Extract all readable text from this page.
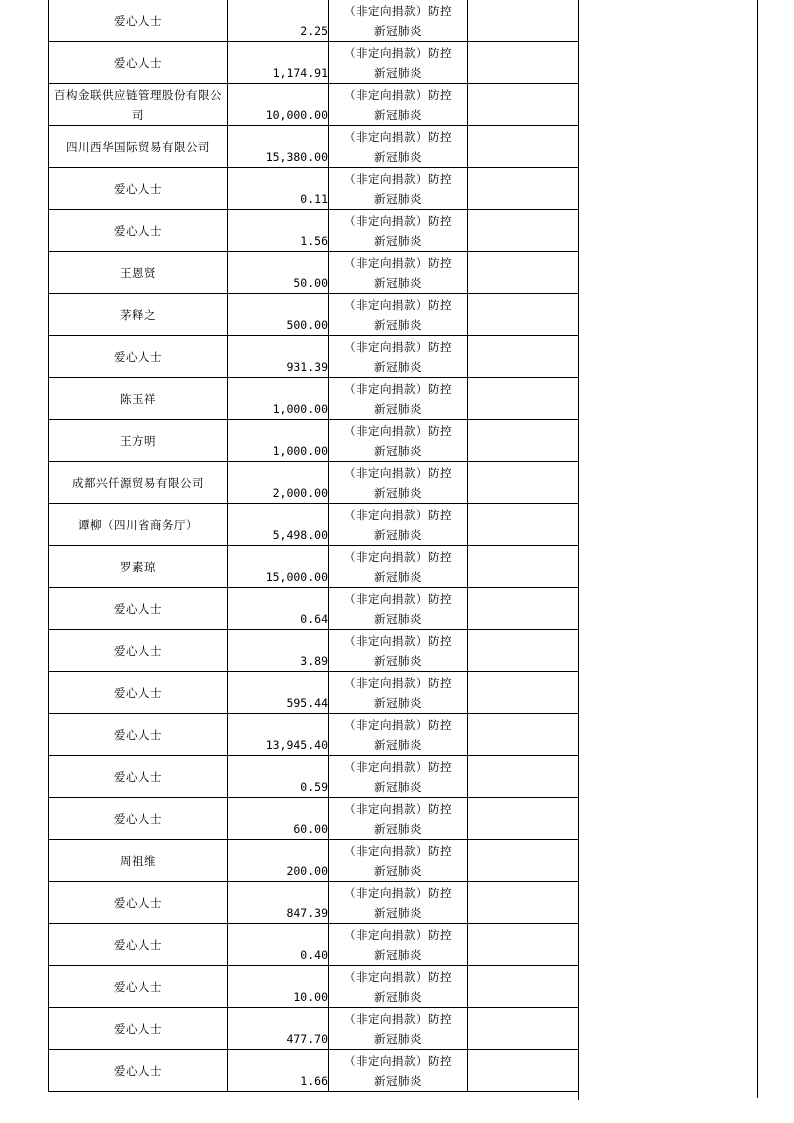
爱心人士	2.25	（非定向捐款）防控
新冠肺炎	

爱心人士	1,174.91	（非定向捐款）防控
新冠肺炎	

百构金联供应链管理股份有限公司	10,000.00	（非定向捐款）防控
新冠肺炎	

四川西华国际贸易有限公司	15,380.00	（非定向捐款）防控
新冠肺炎	

爱心人士	0.11	（非定向捐款）防控
新冠肺炎	

爱心人士	1.56	（非定向捐款）防控
新冠肺炎	

王恩贤	50.00	（非定向捐款）防控
新冠肺炎	

茅释之	500.00	（非定向捐款）防控
新冠肺炎	

爱心人士	931.39	（非定向捐款）防控
新冠肺炎	

陈玉祥	1,000.00	（非定向捐款）防控
新冠肺炎	

王方明	1,000.00	（非定向捐款）防控
新冠肺炎	

成都兴仟源贸易有限公司	2,000.00	（非定向捐款）防控
新冠肺炎	

谭柳（四川省商务厅）	5,498.00	（非定向捐款）防控
新冠肺炎	

罗素琼	15,000.00	（非定向捐款）防控
新冠肺炎	

爱心人士	0.64	（非定向捐款）防控
新冠肺炎	

爱心人士	3.89	（非定向捐款）防控
新冠肺炎	

爱心人士	595.44	（非定向捐款）防控
新冠肺炎	

爱心人士	13,945.40	（非定向捐款）防控
新冠肺炎	

爱心人士	0.59	（非定向捐款）防控
新冠肺炎	

爱心人士	60.00	（非定向捐款）防控
新冠肺炎	

周祖维	200.00	（非定向捐款）防控
新冠肺炎	

爱心人士	847.39	（非定向捐款）防控
新冠肺炎	

爱心人士	0.40	（非定向捐款）防控
新冠肺炎	

爱心人士	10.00	（非定向捐款）防控
新冠肺炎	

爱心人士	477.70	（非定向捐款）防控
新冠肺炎	

爱心人士	1.66	（非定向捐款）防控
新冠肺炎	
